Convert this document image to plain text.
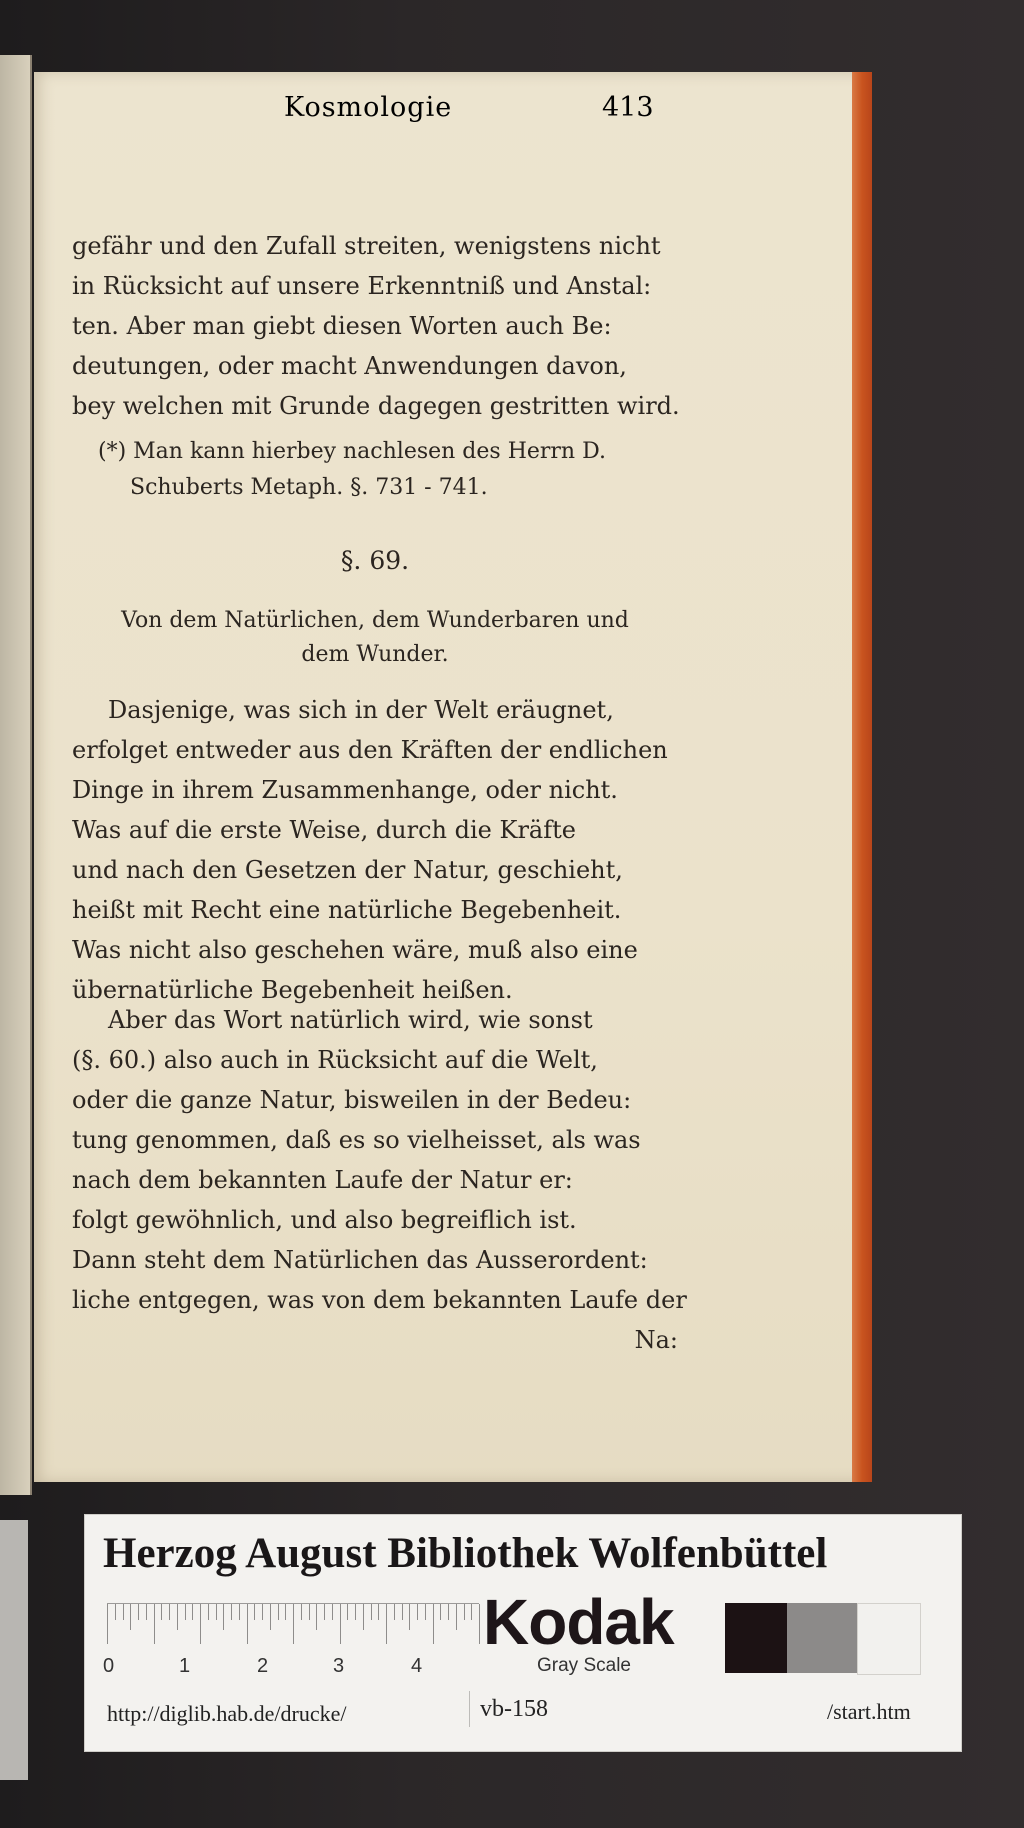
Kosmologie	413
gefähr und den Zufall streiten, wenigstens nicht
in Rücksicht auf unsere Erkenntniß und Anstal:
ten. Aber man giebt diesen Worten auch Be:
deutungen, oder macht Anwendungen davon,
bey welchen mit Grunde dagegen gestritten wird.
(*) Man kann hierbey nachlesen des Herrn D.
Schuberts Metaph. §. 731 - 741.
§. 69.
Von dem Natürlichen, dem Wunderbaren und
dem Wunder.
Dasjenige, was sich in der Welt eräugnet,
erfolget entweder aus den Kräften der endlichen
Dinge in ihrem Zusammenhange, oder nicht.
Was auf die erste Weise, durch die Kräfte
und nach den Gesetzen der Natur, geschieht,
heißt mit Recht eine natürliche Begebenheit.
Was nicht also geschehen wäre, muß also eine
übernatürliche Begebenheit heißen.
Aber das Wort natürlich wird, wie sonst
(§. 60.) also auch in Rücksicht auf die Welt,
oder die ganze Natur, bisweilen in der Bedeu:
tung genommen, daß es so vielheisset, als was
nach dem bekannten Laufe der Natur er:
folgt gewöhnlich, und also begreiflich ist.
Dann steht dem Natürlichen das Ausserordent:
liche entgegen, was von dem bekannten Laufe der
Na:
Herzog August Bibliothek Wolfenbüttel
0	1	2	3	4
Kodak
Gray Scale
http://diglib.hab.de/drucke/	vb-158	/start.htm
